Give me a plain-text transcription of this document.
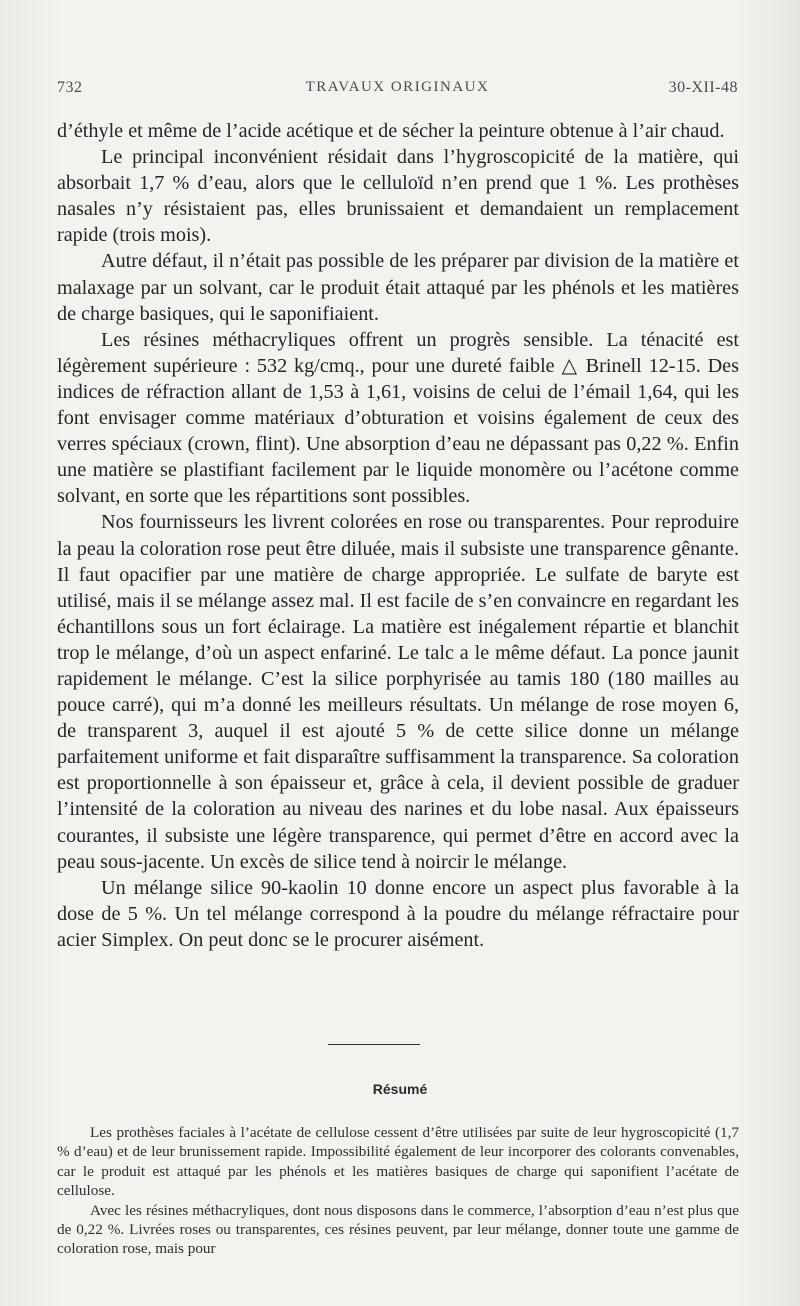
732	TRAVAUX ORIGINAUX	30-XII-48

d’éthyle et même de l’acide acétique et de sécher la peinture obtenue à l’air chaud.

Le principal inconvénient résidait dans l’hygroscopicité de la matière, qui absorbait 1,7 % d’eau, alors que le celluloïd n’en prend que 1 %. Les prothèses nasales n’y résistaient pas, elles brunissaient et demandaient un remplacement rapide (trois mois).

Autre défaut, il n’était pas possible de les préparer par division de la matière et malaxage par un solvant, car le produit était attaqué par les phénols et les matières de charge basiques, qui le saponifiaient.

Les résines méthacryliques offrent un progrès sensible. La ténacité est légèrement supérieure : 532 kg/cmq., pour une dureté faible △ Brinell 12-15. Des indices de réfraction allant de 1,53 à 1,61, voisins de celui de l’émail 1,64, qui les font envisager comme matériaux d’obturation et voisins également de ceux des verres spéciaux (crown, flint). Une absorption d’eau ne dépassant pas 0,22 %. Enfin une matière se plastifiant facilement par le liquide monomère ou l’acétone comme solvant, en sorte que les répartitions sont possibles.

Nos fournisseurs les livrent colorées en rose ou transparentes. Pour reproduire la peau la coloration rose peut être diluée, mais il subsiste une transparence gênante. Il faut opacifier par une matière de charge appropriée. Le sulfate de baryte est utilisé, mais il se mélange assez mal. Il est facile de s’en convaincre en regardant les échantillons sous un fort éclairage. La matière est inégalement répartie et blanchit trop le mélange, d’où un aspect enfariné. Le talc a le même défaut. La ponce jaunit rapidement le mélange. C’est la silice porphyrisée au tamis 180 (180 mailles au pouce carré), qui m’a donné les meilleurs résultats. Un mélange de rose moyen 6, de transparent 3, auquel il est ajouté 5 % de cette silice donne un mélange parfaitement uniforme et fait disparaître suffisamment la transparence. Sa coloration est proportionnelle à son épaisseur et, grâce à cela, il devient possible de graduer l’intensité de la coloration au niveau des narines et du lobe nasal. Aux épaisseurs courantes, il subsiste une légère transparence, qui permet d’être en accord avec la peau sous-jacente. Un excès de silice tend à noircir le mélange.

Un mélange silice 90-kaolin 10 donne encore un aspect plus favorable à la dose de 5 %. Un tel mélange correspond à la poudre du mélange réfractaire pour acier Simplex. On peut donc se le procurer aisément.

Résumé

Les prothèses faciales à l’acétate de cellulose cessent d’être utilisées par suite de leur hygroscopicité (1,7 % d’eau) et de leur brunissement rapide. Impossibilité également de leur incorporer des colorants convenables, car le produit est attaqué par les phénols et les matières basiques de charge qui saponifient l’acétate de cellulose.

Avec les résines méthacryliques, dont nous disposons dans le commerce, l’absorption d’eau n’est plus que de 0,22 %. Livrées roses ou transparentes, ces résines peuvent, par leur mélange, donner toute une gamme de coloration rose, mais pour
